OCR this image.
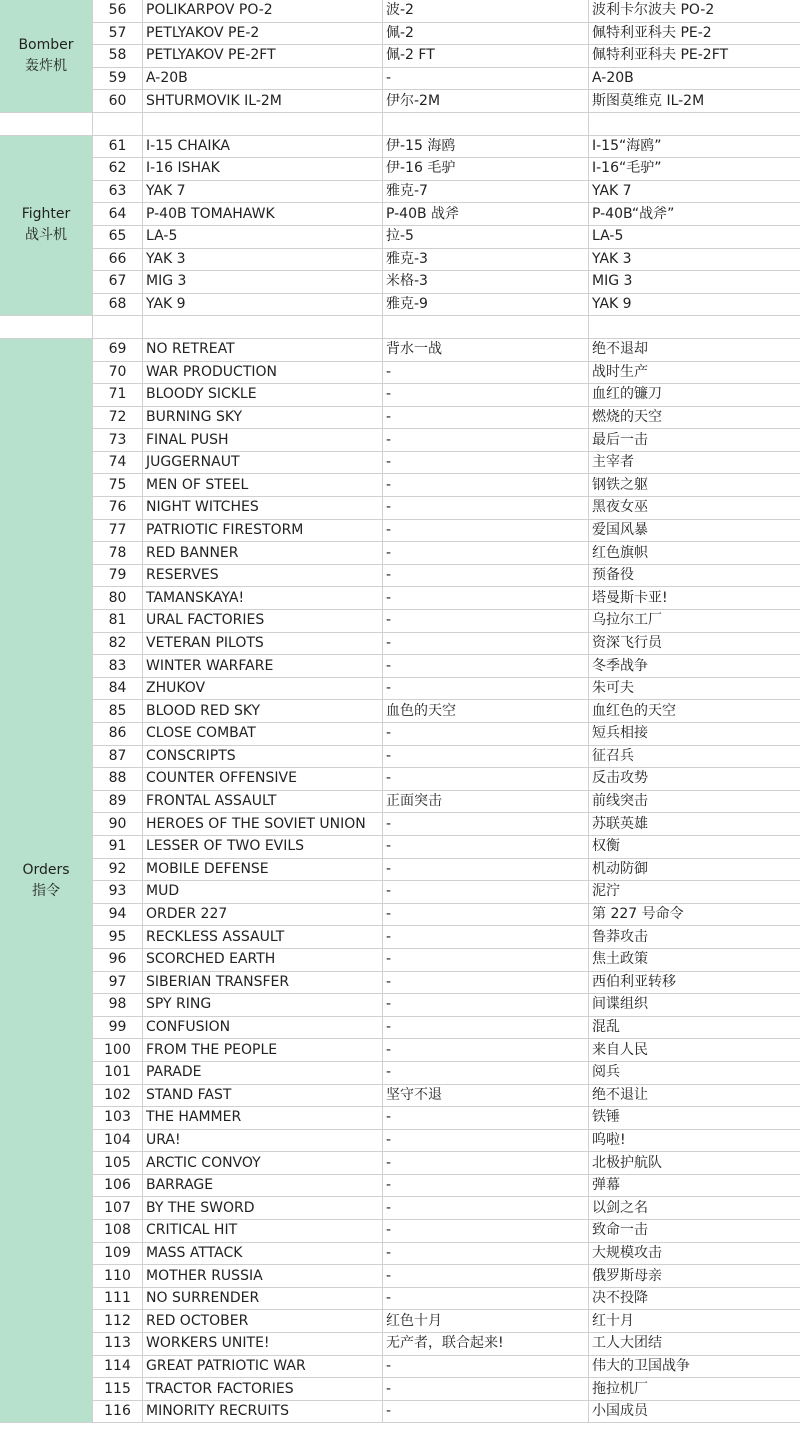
Bomber
轰炸机	56	POLIKARPOV PO-2	波-2	波利卡尔波夫 PO-2
	57	PETLYAKOV PE-2	佩-2	佩特利亚科夫 PE-2
	58	PETLYAKOV PE-2FT	佩-2 FT	佩特利亚科夫 PE-2FT
	59	A-20B	-	A-20B
	60	SHTURMOVIK IL-2M	伊尔-2M	斯图莫维克 IL-2M

Fighter
战斗机	61	I-15 CHAIKA	伊-15 海鸥	I-15“海鸥”
	62	I-16 ISHAK	伊-16 毛驴	I-16“毛驴”
	63	YAK 7	雅克-7	YAK 7
	64	P-40B TOMAHAWK	P-40B 战斧	P-40B“战斧”
	65	LA-5	拉-5	LA-5
	66	YAK 3	雅克-3	YAK 3
	67	MIG 3	米格-3	MIG 3
	68	YAK 9	雅克-9	YAK 9

Orders
指令	69	NO RETREAT	背水一战	绝不退却
	70	WAR PRODUCTION	-	战时生产
	71	BLOODY SICKLE	-	血红的镰刀
	72	BURNING SKY	-	燃烧的天空
	73	FINAL PUSH	-	最后一击
	74	JUGGERNAUT	-	主宰者
	75	MEN OF STEEL	-	钢铁之躯
	76	NIGHT WITCHES	-	黑夜女巫
	77	PATRIOTIC FIRESTORM	-	爱国风暴
	78	RED BANNER	-	红色旗帜
	79	RESERVES	-	预备役
	80	TAMANSKAYA!	-	塔曼斯卡亚!
	81	URAL FACTORIES	-	乌拉尔工厂
	82	VETERAN PILOTS	-	资深飞行员
	83	WINTER WARFARE	-	冬季战争
	84	ZHUKOV	-	朱可夫
	85	BLOOD RED SKY	血色的天空	血红色的天空
	86	CLOSE COMBAT	-	短兵相接
	87	CONSCRIPTS	-	征召兵
	88	COUNTER OFFENSIVE	-	反击攻势
	89	FRONTAL ASSAULT	正面突击	前线突击
	90	HEROES OF THE SOVIET UNION	-	苏联英雄
	91	LESSER OF TWO EVILS	-	权衡
	92	MOBILE DEFENSE	-	机动防御
	93	MUD	-	泥泞
	94	ORDER 227	-	第 227 号命令
	95	RECKLESS ASSAULT	-	鲁莽攻击
	96	SCORCHED EARTH	-	焦土政策
	97	SIBERIAN TRANSFER	-	西伯利亚转移
	98	SPY RING	-	间谍组织
	99	CONFUSION	-	混乱
	100	FROM THE PEOPLE	-	来自人民
	101	PARADE	-	阅兵
	102	STAND FAST	坚守不退	绝不退让
	103	THE HAMMER	-	铁锤
	104	URA!	-	呜啦!
	105	ARCTIC CONVOY	-	北极护航队
	106	BARRAGE	-	弹幕
	107	BY THE SWORD	-	以剑之名
	108	CRITICAL HIT	-	致命一击
	109	MASS ATTACK	-	大规模攻击
	110	MOTHER RUSSIA	-	俄罗斯母亲
	111	NO SURRENDER	-	决不投降
	112	RED OCTOBER	红色十月	红十月
	113	WORKERS UNITE!	无产者，联合起来!	工人大团结
	114	GREAT PATRIOTIC WAR	-	伟大的卫国战争
	115	TRACTOR FACTORIES	-	拖拉机厂
	116	MINORITY RECRUITS	-	小国成员
